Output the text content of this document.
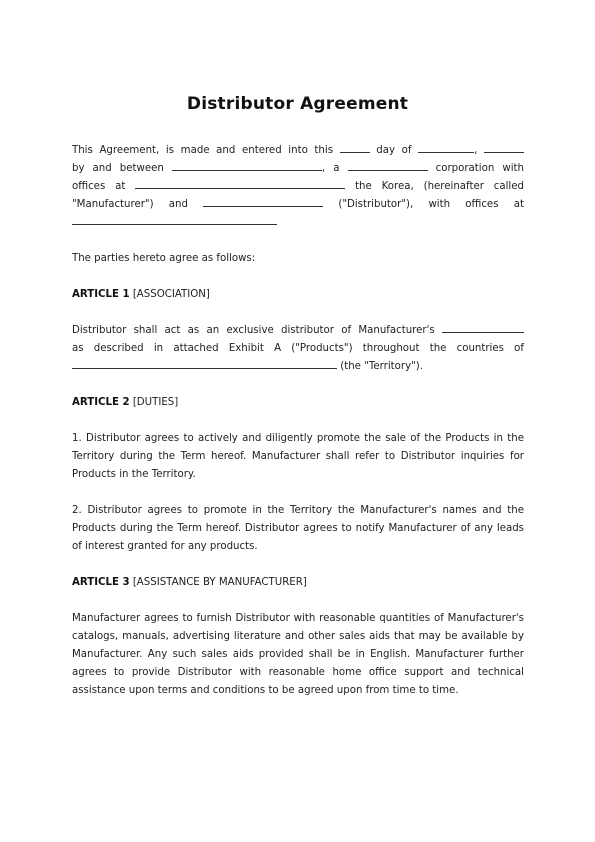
Distributor Agreement

This Agreement, is made and entered into this	day of	,

by and between	, a	corporation with

offices at	the Korea, (hereinafter called

"Manufacturer") and	("Distributor"), with offices at

The parties hereto agree as follows:

ARTICLE 1 [ASSOCIATION]

Distributor shall act as an exclusive distributor of Manufacturer's

as described in attached Exhibit A ("Products") throughout the countries of

(the "Territory").

ARTICLE 2 [DUTIES]

1. Distributor agrees to actively and diligently promote the sale of the Products in the Territory during the Term hereof. Manufacturer shall refer to Distributor inquiries for Products in the Territory.

2. Distributor agrees to promote in the Territory the Manufacturer's names and the Products during the Term hereof. Distributor agrees to notify Manufacturer of any leads of interest granted for any products.

ARTICLE 3 [ASSISTANCE BY MANUFACTURER]

Manufacturer agrees to furnish Distributor with reasonable quantities of Manufacturer's catalogs, manuals, advertising literature and other sales aids that may be available by Manufacturer. Any such sales aids provided shall be in English. Manufacturer further agrees to provide Distributor with reasonable home office support and technical assistance upon terms and conditions to be agreed upon from time to time.
